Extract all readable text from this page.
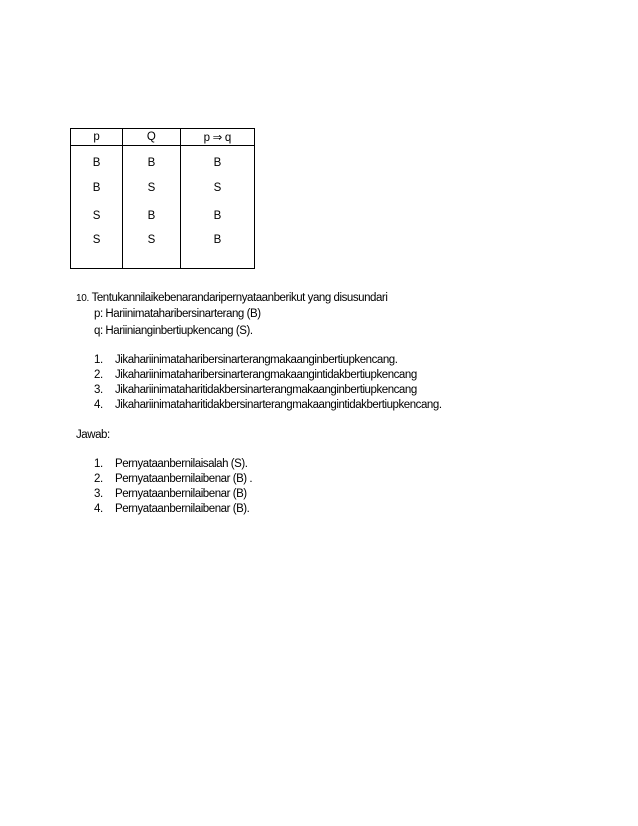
p	Q	p ⇒ q
B	B	B
B	S	S
S	B	B
S	S	B
10. Tentukannilaikebenarandaripernyataanberikut yang disusundari
p: Hariinimataharibersinarterang (B)
q: Hariinianginbertiupkencang (S).
1.	Jikahariinimataharibersinarterangmakaanginbertiupkencang.
2.	Jikahariinimataharibersinarterangmakaangintidakbertiupkencang
3.	Jikahariinimataharitidakbersinarterangmakaanginbertiupkencang
4.	Jikahariinimataharitidakbersinarterangmakaangintidakbertiupkencang.
Jawab:
1.	Pernyataanbernilaisalah (S).
2.	Pernyataanbernilaibenar (B) .
3.	Pernyataanbernilaibenar (B)
4.	Pernyataanbernilaibenar (B).
